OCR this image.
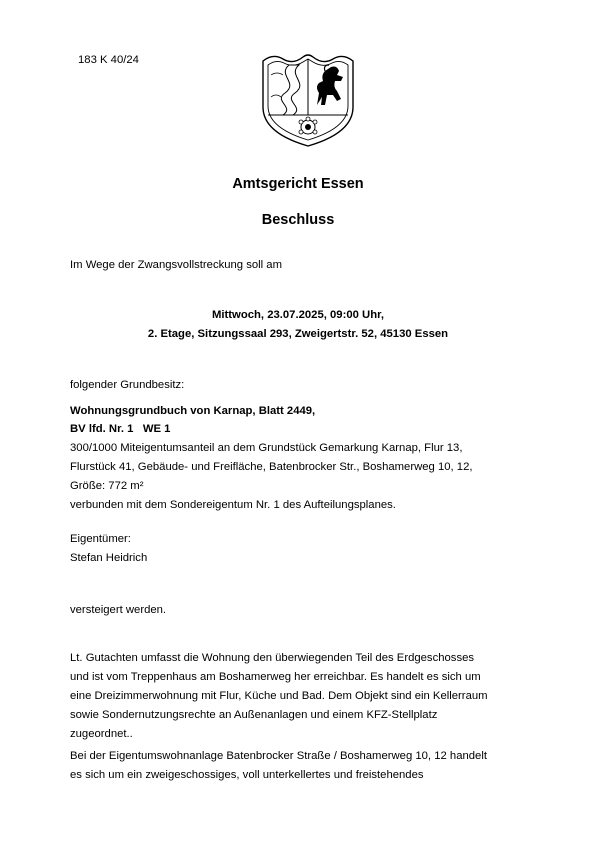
183 K 40/24
Amtsgericht Essen
Beschluss
Im Wege der Zwangsvollstreckung soll am
Mittwoch, 23.07.2025, 09:00 Uhr,
2. Etage, Sitzungssaal 293, Zweigertstr. 52, 45130 Essen
folgender Grundbesitz:
Wohnungsgrundbuch von Karnap, Blatt 2449,
BV lfd. Nr. 1   WE 1
300/1000 Miteigentumsanteil an dem Grundstück Gemarkung Karnap, Flur 13,
Flurstück 41, Gebäude- und Freifläche, Batenbrocker Str., Boshamerweg 10, 12,
Größe: 772 m²
verbunden mit dem Sondereigentum Nr. 1 des Aufteilungsplanes.
Eigentümer:
Stefan Heidrich
versteigert werden.
Lt. Gutachten umfasst die Wohnung den überwiegenden Teil des Erdgeschosses
und ist vom Treppenhaus am Boshamerweg her erreichbar. Es handelt es sich um
eine Dreizimmerwohnung mit Flur, Küche und Bad. Dem Objekt sind ein Kellerraum
sowie Sondernutzungsrechte an Außenanlagen und einem KFZ-Stellplatz
zugeordnet..
Bei der Eigentumswohnanlage Batenbrocker Straße / Boshamerweg 10, 12 handelt
es sich um ein zweigeschossiges, voll unterkellertes und freistehendes
